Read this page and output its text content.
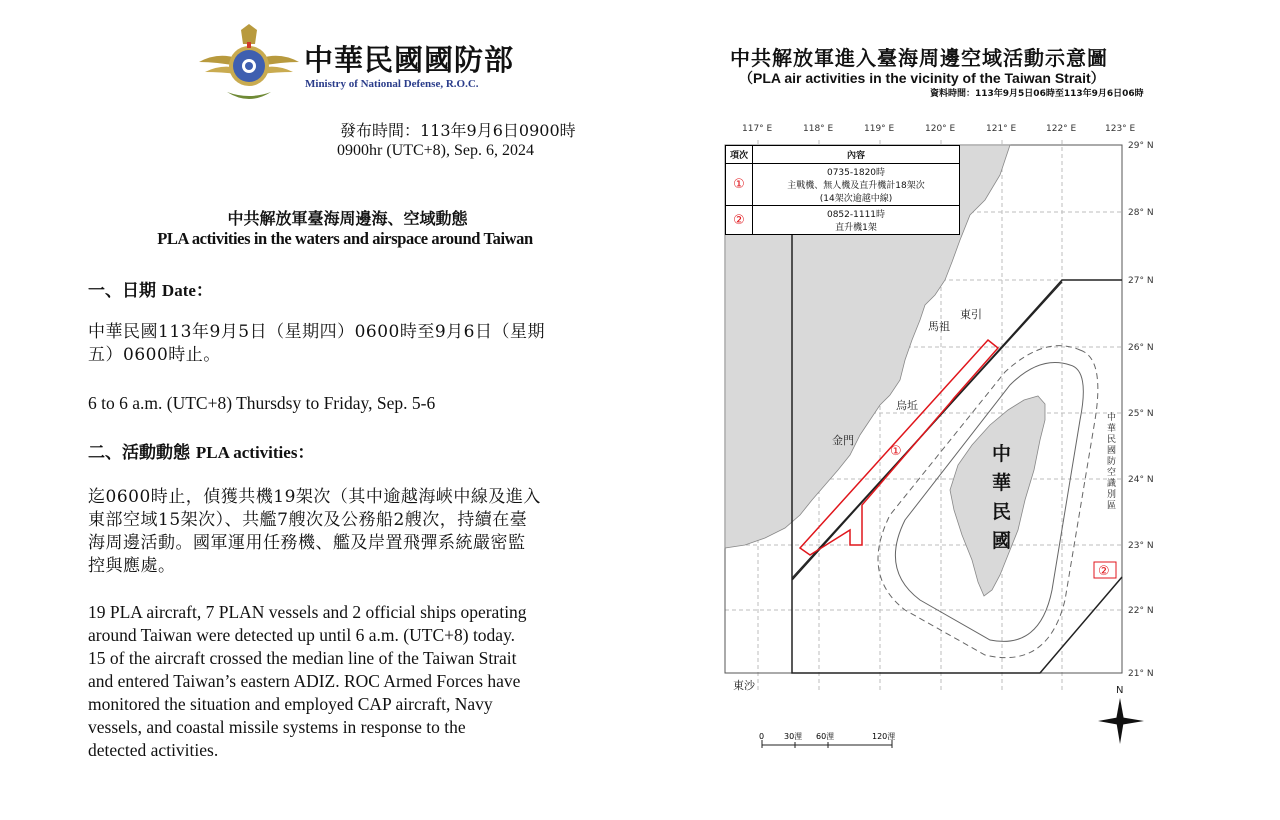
中華民國國防部
Ministry of National Defense, R.O.C.
發布時間：113年9月6日0900時
0900hr (UTC+8), Sep. 6, 2024
中共解放軍臺海周邊海、空域動態
PLA activities in the waters and airspace around Taiwan
一、日期 Date：
中華民國113年9月5日（星期四）0600時至9月6日（星期
五）0600時止。
6 to 6 a.m. (UTC+8) Thursdsy to Friday, Sep. 5-6
二、活動動態 PLA activities：
迄0600時止，偵獲共機19架次（其中逾越海峽中線及進入
東部空域15架次）、共艦7艘次及公務船2艘次，持續在臺
海周邊活動。國軍運用任務機、艦及岸置飛彈系統嚴密監
控與應處。
19 PLA aircraft, 7 PLAN vessels and 2 official ships operating
around Taiwan were detected up until 6 a.m. (UTC+8) today.
15 of the aircraft crossed the median line of the Taiwan Strait
and entered Taiwan’s eastern ADIZ. ROC Armed Forces have
monitored the situation and employed CAP aircraft, Navy
vessels, and coastal missile systems in response to the
detected activities.
中共解放軍進入臺海周邊空域活動示意圖
（PLA air activities in the vicinity of the Taiwan Strait）
資料時間：113年9月5日06時至113年9月6日06時
117° E	118° E	119° E	120° E	121° E	122° E	123° E
29° N
28° N
27° N
26° N
25° N
24° N
23° N
22° N
21° N
馬祖
東引
烏坵
金門
東沙
中
華
民
國
中
華
民
國
防
空
識
別
區
①
②
N
0 30浬 60浬	120浬
項次	內容
①	0735-1820時
主戰機、無人機及直升機計18架次
(14架次逾越中線)

②	0852-1111時
直升機1架
